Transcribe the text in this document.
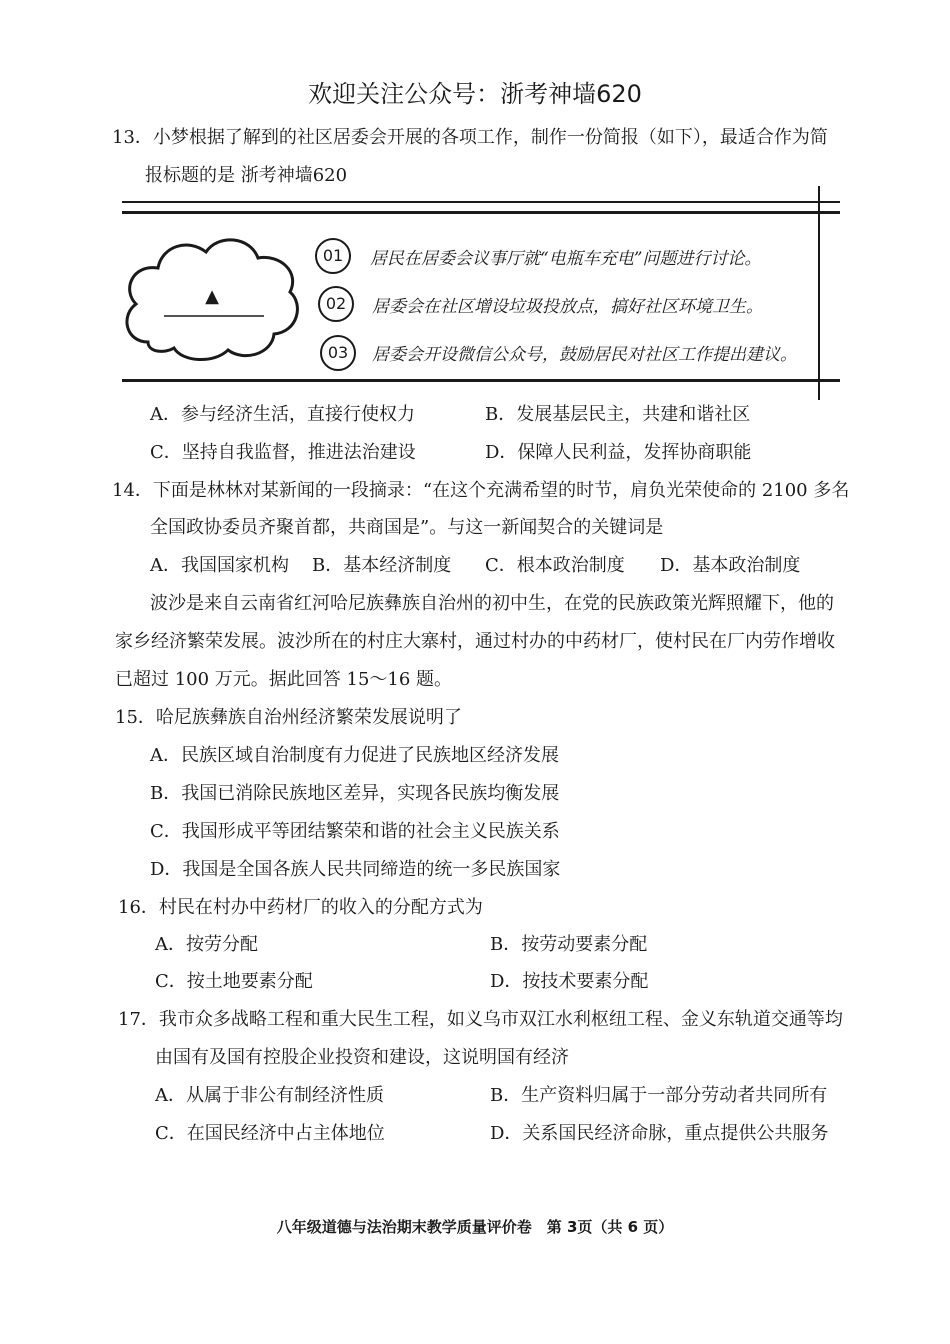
欢迎关注公众号：浙考神墙620
13．小梦根据了解到的社区居委会开展的各项工作，制作一份简报（如下），最适合作为简
报标题的是 浙考神墙620
▲
01	居民在居委会议事厅就“电瓶车充电”问题进行讨论。
02	居委会在社区增设垃圾投放点，搞好社区环境卫生。
03	居委会开设微信公众号，鼓励居民对社区工作提出建议。
A．参与经济生活，直接行使权力	B．发展基层民主，共建和谐社区
C．坚持自我监督，推进法治建设	D．保障人民利益，发挥协商职能
14．下面是林林对某新闻的一段摘录：“在这个充满希望的时节，肩负光荣使命的 2100 多名
全国政协委员齐聚首都，共商国是”。与这一新闻契合的关键词是
A．我国国家机构 B．基本经济制度 C．根本政治制度 D．基本政治制度
波沙是来自云南省红河哈尼族彝族自治州的初中生，在党的民族政策光辉照耀下，他的
家乡经济繁荣发展。波沙所在的村庄大寨村，通过村办的中药材厂，使村民在厂内劳作增收
已超过 100 万元。据此回答 15～16 题。
15．哈尼族彝族自治州经济繁荣发展说明了
A．民族区域自治制度有力促进了民族地区经济发展
B．我国已消除民族地区差异，实现各民族均衡发展
C．我国形成平等团结繁荣和谐的社会主义民族关系
D．我国是全国各族人民共同缔造的统一多民族国家
16．村民在村办中药材厂的收入的分配方式为
A．按劳分配	B．按劳动要素分配
C．按土地要素分配	D．按技术要素分配
17．我市众多战略工程和重大民生工程，如义乌市双江水利枢纽工程、金义东轨道交通等均
由国有及国有控股企业投资和建设，这说明国有经济
A．从属于非公有制经济性质	B．生产资料归属于一部分劳动者共同所有
C．在国民经济中占主体地位	D．关系国民经济命脉，重点提供公共服务
八年级道德与法治期末教学质量评价卷　第 3页（共 6 页）
